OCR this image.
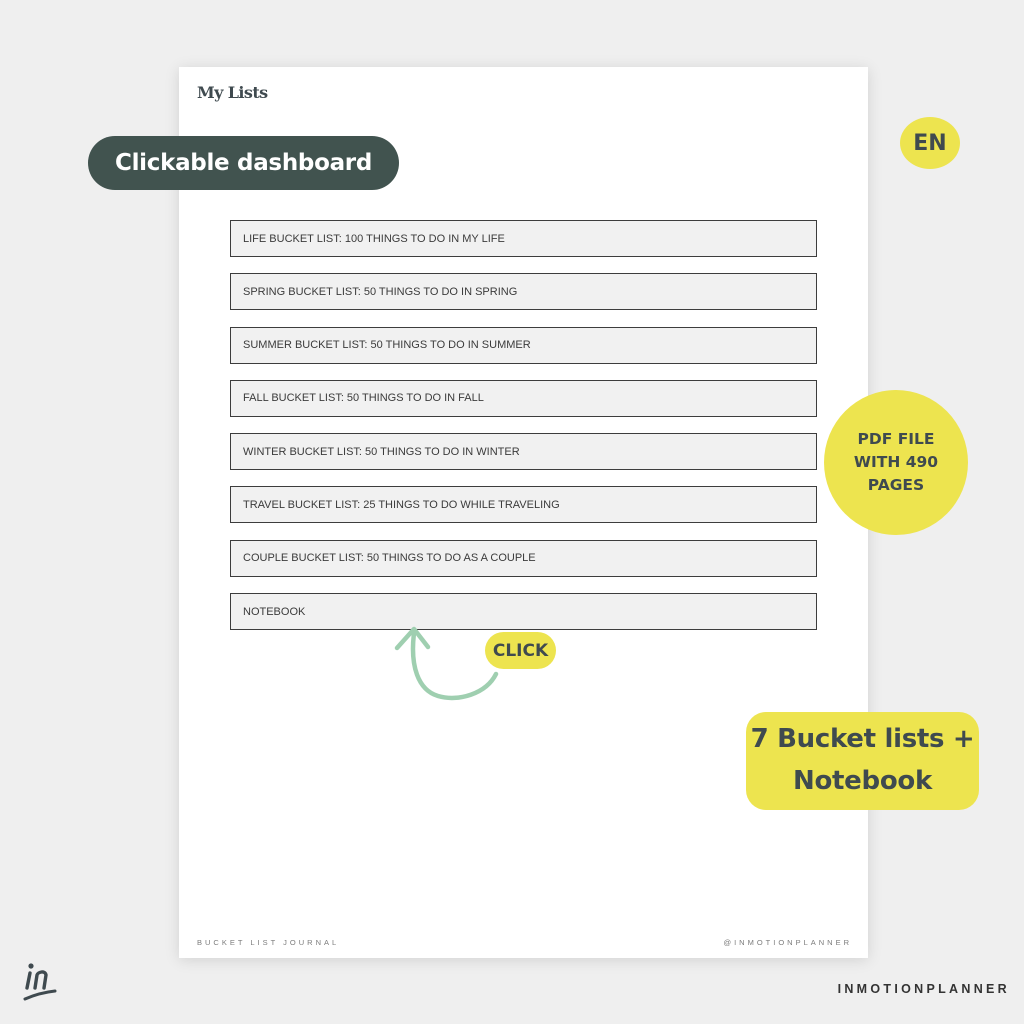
My Lists
LIFE BUCKET LIST: 100 THINGS TO DO IN MY LIFE
SPRING BUCKET LIST: 50 THINGS TO DO IN SPRING
SUMMER BUCKET LIST: 50 THINGS TO DO IN SUMMER
FALL BUCKET LIST: 50 THINGS TO DO IN FALL
WINTER BUCKET LIST: 50 THINGS TO DO IN WINTER
TRAVEL BUCKET LIST: 25 THINGS TO DO WHILE TRAVELING
COUPLE BUCKET LIST: 50 THINGS TO DO AS A COUPLE
NOTEBOOK
BUCKET LIST JOURNAL	@INMOTIONPLANNER
Clickable dashboard
EN
PDF FILE
WITH 490
PAGES
CLICK
7 Bucket lists +
Notebook
INMOTIONPLANNER
